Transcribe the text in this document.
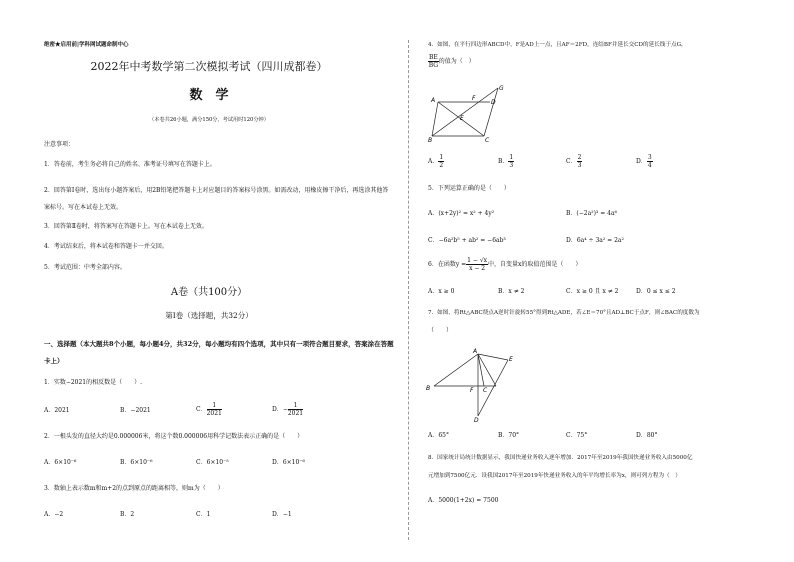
绝密★启用前|学科网试题命制中心
2022年中考数学第二次模拟考试（四川成都卷）
数　学
（本卷共26小题，满分150分，考试用时120分钟）
注意事项：
1．答卷前，考生务必将自己的姓名、准考证号填写在答题卡上。
2．回答第Ⅰ卷时，选出每小题答案后，用2B铅笔把答题卡上对应题目的答案标号涂黑。如需改动，用橡皮擦干净后，再选涂其他答案标号。写在本试卷上无效。
3．回答第Ⅱ卷时，将答案写在答题卡上。写在本试卷上无效。
4．考试结束后，将本试卷和答题卡一并交回。
5．考试范围：中考全部内容。
A卷（共100分）
第Ⅰ卷（选择题，共32分）
一、选择题（本大题共8个小题，每小题4分，共32分，每小题均有四个选项，其中只有一项符合题目要求，答案涂在答题卡上）
1．实数−2021的相反数是（　　）.
A．2021	B．−2021	C． $\frac{1}{2021}$	D．− $\frac{1}{2021}$
2．一根头发的直径大约是0.000006米，将这个数0.000006用科学记数法表示正确的是（　　）
A．6×10⁻⁶	B．6×10⁻⁶	C．6×10⁻⁵	D．6×10⁻⁶
3．数轴上表示数m和m+2的点到原点的距离相等，则m为（　　）
A．−2	B．2	C．1	D．−1
4．如图，在平行四边形ABCD中，F是AD上一点，且AF＝2FD，连结BF并延长交CD的延长线于点G，
$\frac{BE}{BG}$ 的值为（　）
G
A	F
D
E
B	C
A． $\frac{1}{2}$	B． $\frac{1}{3}$	C． $\frac{2}{3}$	D． $\frac{3}{4}$
5．下列运算正确的是（　　）
A．(x+2y)² = x² + 4y²	B．(−2a²)³ = 4a⁶
C．−6a²b⁵ + ab² = −6ab³	D．6a⁴ ÷ 3a² = 2a²
6．在函数$y = \frac{1 - √x}{x - 2}$ 中，自变量x的取值范围是（　　）
A．x ≥ 0	B．x ≠ 2	C．x ≥ 0 且 x ≠ 2	D．0 ≤ x ≤ 2
7．如图，将Rt△ABC绕点A逆时针旋转55°得到Rt△ADE，若∠E＝70°且AD⊥BC于点F，则∠BAC的度数为
（　　）
A
E
B	F C
D
A．65°	B．70°	C．75°	D．80°
8．国家统计局统计数据显示，我国快递业务收入逐年增加．2017年至2019年我国快递业务收入由5000亿
元增加到7500亿元．设我国2017年至2019年快递业务收入的年平均增长率为x，则可列方程为（　）
A．5000(1+2x) = 7500
